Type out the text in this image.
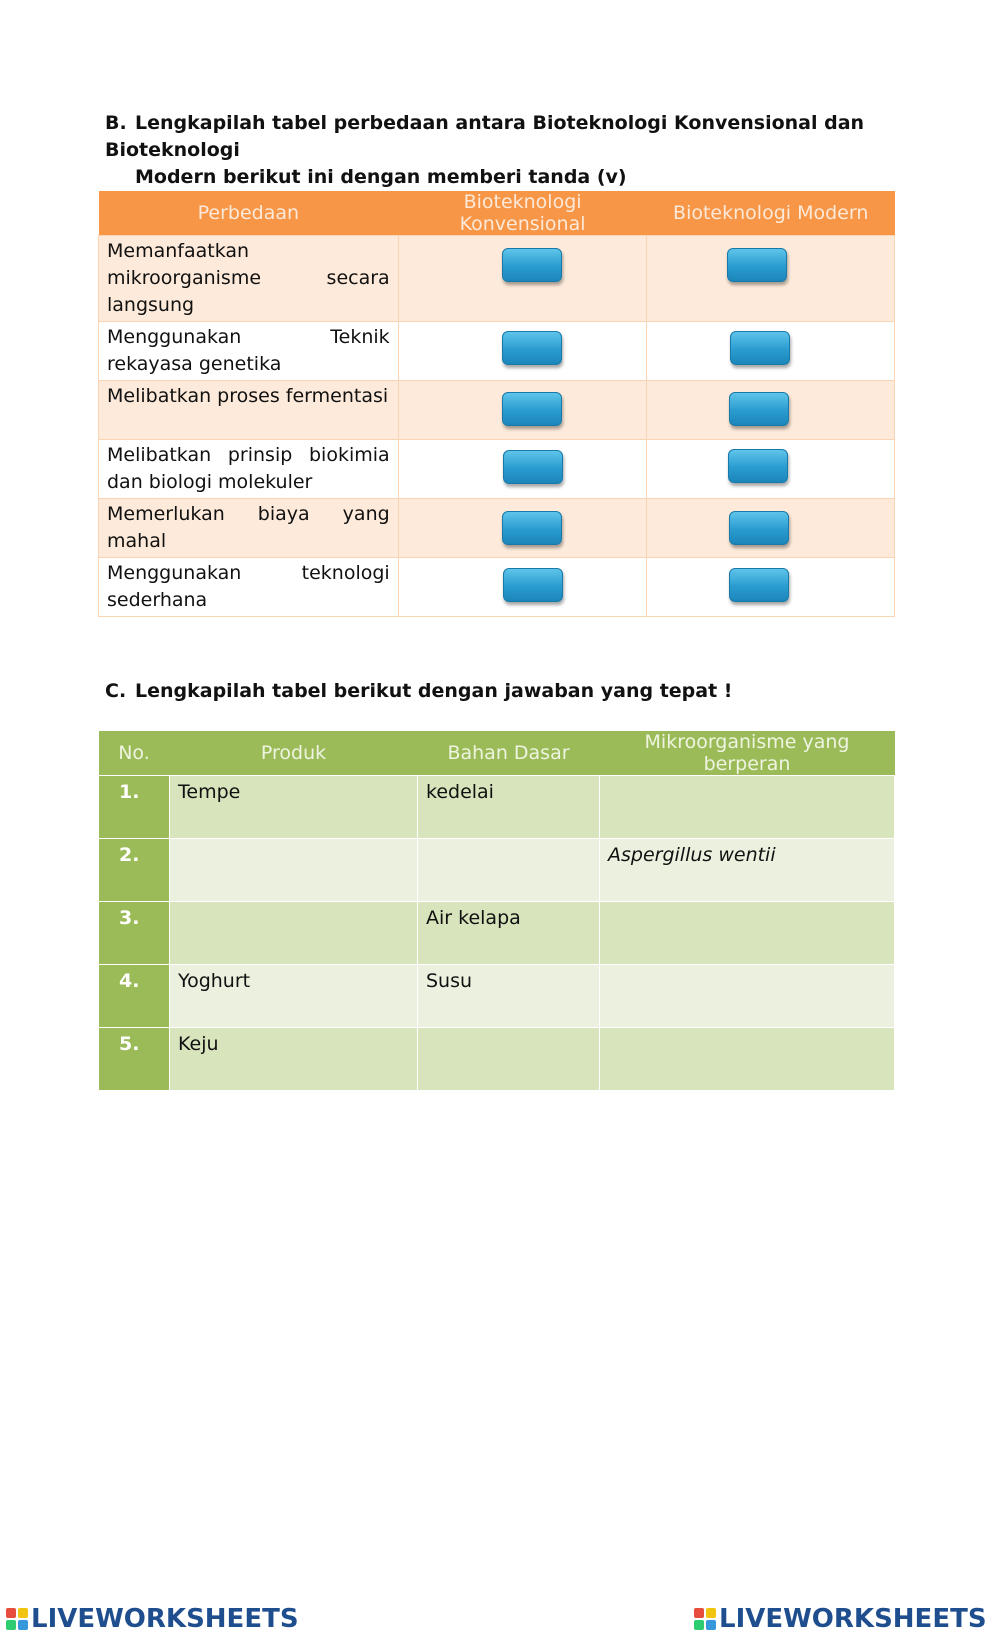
B. Lengkapilah tabel perbedaan antara Bioteknologi Konvensional dan Bioteknologi
Modern berikut ini dengan memberi tanda (v)
Perbedaan	Bioteknologi Konvensional	Bioteknologi Modern
Memanfaatkan mikroorganisme secara langsung	

Menggunakan Teknik rekayasa genetika	

Melibatkan proses fermentasi	

Melibatkan prinsip biokimia dan biologi molekuler	

Memerlukan biaya yang mahal	

Menggunakan teknologi sederhana	

C. Lengkapilah tabel berikut dengan jawaban yang tepat !
No.	Produk	Bahan Dasar	Mikroorganisme yang berperan
1.	Tempe	kedelai	
2.			Aspergillus wentii
3.		Air kelapa	
4.	Yoghurt	Susu	
5.	Keju		
LIVEWORKSHEETS	LIVEWORKSHEETS
